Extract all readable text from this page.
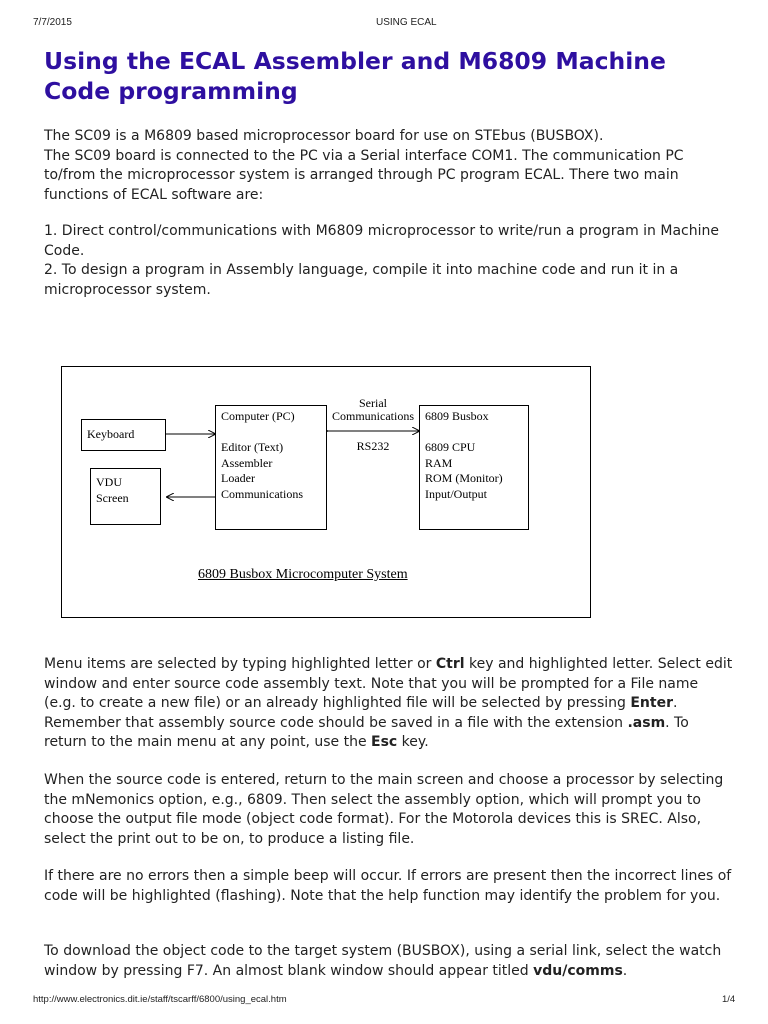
7/7/2015	USING ECAL
Using the ECAL Assembler and M6809 Machine Code programming

The SC09 is a M6809 based microprocessor board for use on STEbus (BUSBOX).
The SC09 board is connected to the PC via a Serial interface COM1. The communication PC to/from the microprocessor system is arranged through PC program ECAL. There two main functions of ECAL software are:

1. Direct control/communications with M6809 microprocessor to write/run a program in Machine Code.
2. To design a program in Assembly language, compile it into machine code and run it in a microprocessor system.

Keyboard
VDU
Screen
Computer (PC)
Editor (Text)
Assembler
Loader
Communications
6809 Busbox
6809 CPU
RAM
ROM (Monitor)
Input/Output
Serial
Communications
RS232
6809 Busbox Microcomputer System

Menu items are selected by typing highlighted letter or Ctrl key and highlighted letter. Select edit window and enter source code assembly text. Note that you will be prompted for a File name (e.g. to create a new file) or an already highlighted file will be selected by pressing Enter. Remember that assembly source code should be saved in a file with the extension .asm. To return to the main menu at any point, use the Esc key.

When the source code is entered, return to the main screen and choose a processor by selecting the mNemonics option, e.g., 6809. Then select the assembly option, which will prompt you to choose the output file mode (object code format). For the Motorola devices this is SREC. Also, select the print out to be on, to produce a listing file.

If there are no errors then a simple beep will occur. If errors are present then the incorrect lines of code will be highlighted (flashing). Note that the help function may identify the problem for you.

To download the object code to the target system (BUSBOX), using a serial link, select the watch window by pressing F7. An almost blank window should appear titled vdu/comms.

http://www.electronics.dit.ie/staff/tscarff/6800/using_ecal.htm	1/4
